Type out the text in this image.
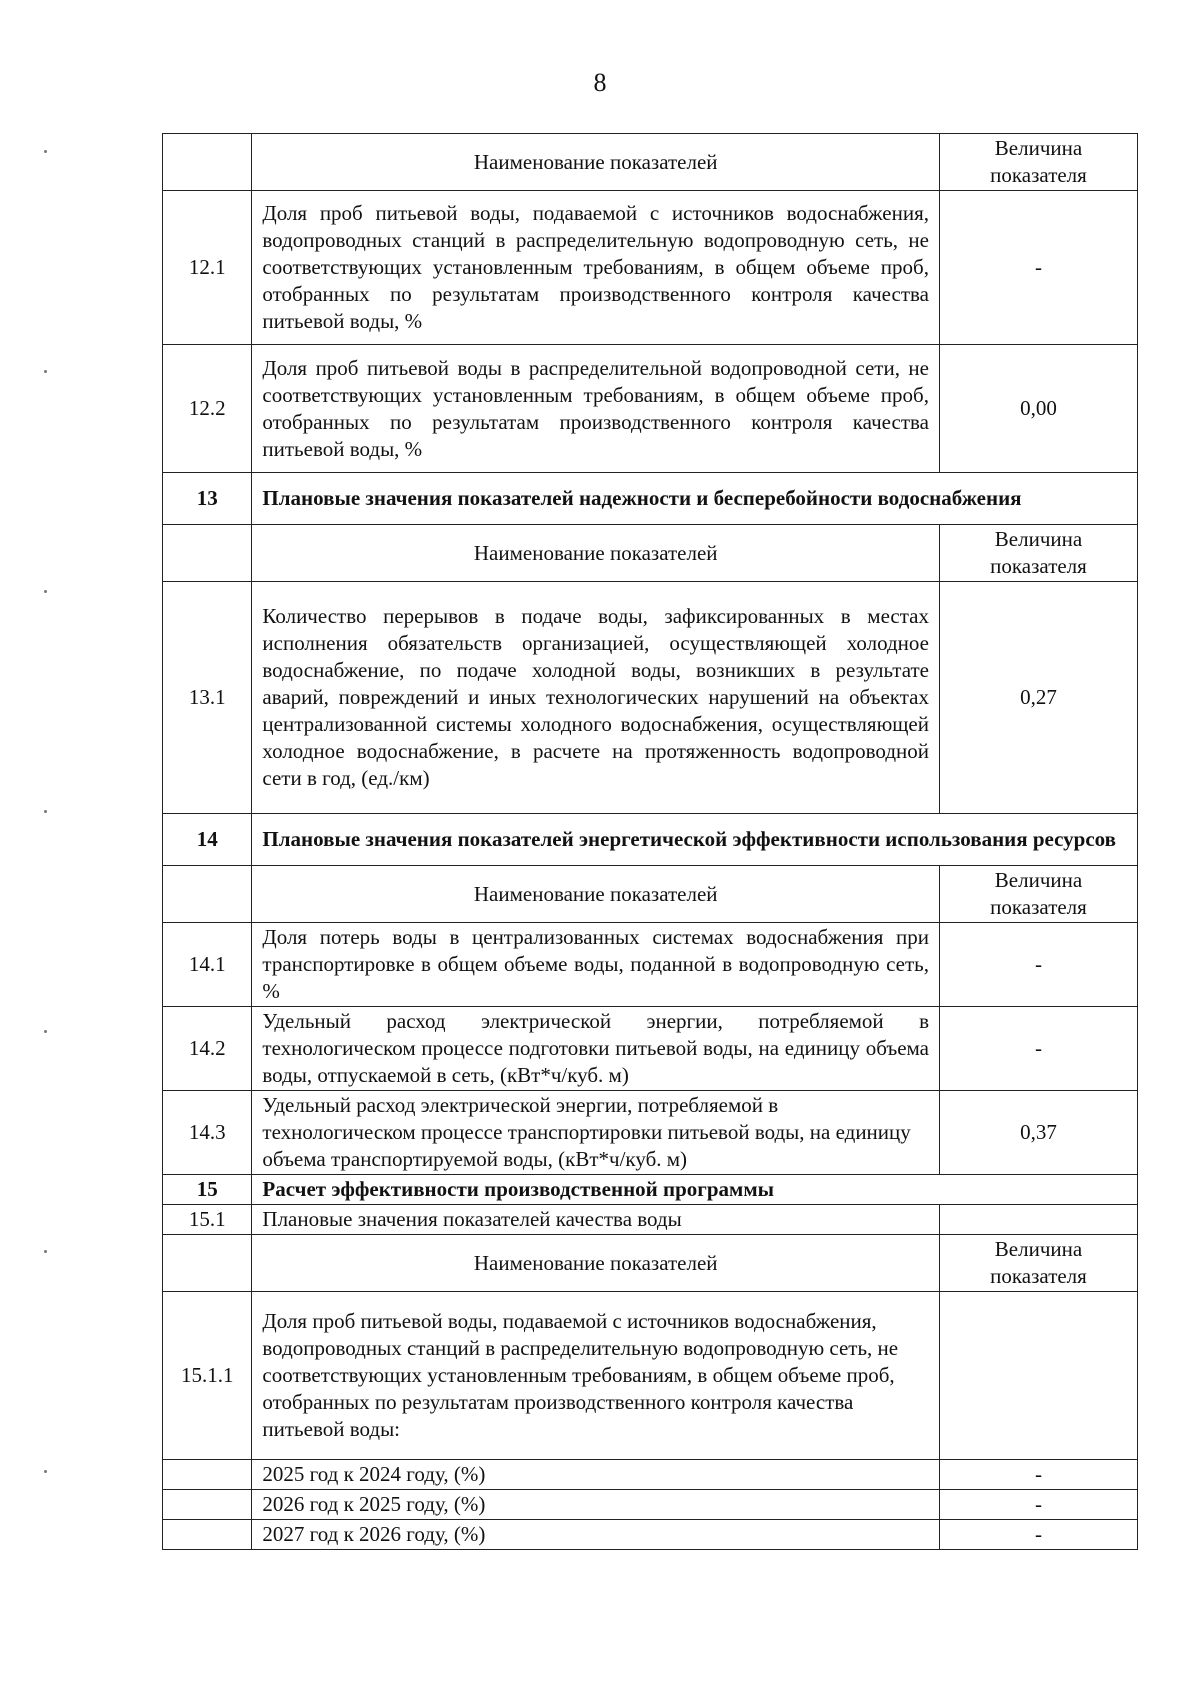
8
	Наименование показателей	Величина показателя
12.1	Доля проб питьевой воды, подаваемой с источников водоснабжения, водопроводных станций в распределительную водопроводную сеть, не соответствующих установленным требованиям, в общем объеме проб, отобранных по результатам производственного контроля качества питьевой воды, %	-
12.2	Доля проб питьевой воды в распределительной водопроводной сети, не соответствующих установленным требованиям, в общем объеме проб, отобранных по результатам производственного контроля качества питьевой воды, %	0,00
13	Плановые значения показателей надежности и бесперебойности водоснабжения	
	Наименование показателей	Величина показателя
13.1	Количество перерывов в подаче воды, зафиксированных в местах исполнения обязательств организацией, осуществляющей холодное водоснабжение, по подаче холодной воды, возникших в результате аварий, повреждений и иных технологических нарушений на объектах централизованной системы холодного водоснабжения, осуществляющей холодное водоснабжение, в расчете на протяженность водопроводной сети в год, (ед./км)	0,27
14	Плановые значения показателей энергетической эффективности использования ресурсов	
	Наименование показателей	Величина показателя
14.1	Доля потерь воды в централизованных системах водоснабжения при транспортировке в общем объеме воды, поданной в водопроводную сеть, %	-
14.2	Удельный расход электрической энергии, потребляемой в технологическом процессе подготовки питьевой воды, на единицу объема воды, отпускаемой в сеть, (кВт*ч/куб. м)	-
14.3	Удельный расход электрической энергии, потребляемой в технологическом процессе транспортировки питьевой воды, на единицу объема транспортируемой воды, (кВт*ч/куб. м)	0,37
15	Расчет эффективности производственной программы	
15.1	Плановые значения показателей качества воды	
	Наименование показателей	Величина показателя
15.1.1	Доля проб питьевой воды, подаваемой с источников водоснабжения, водопроводных станций в распределительную водопроводную сеть, не соответствующих установленным требованиям, в общем объеме проб, отобранных по результатам производственного контроля качества питьевой воды:	
	2025 год к 2024 году, (%)	-
	2026 год к 2025 году, (%)	-
	2027 год к 2026 году, (%)	-
